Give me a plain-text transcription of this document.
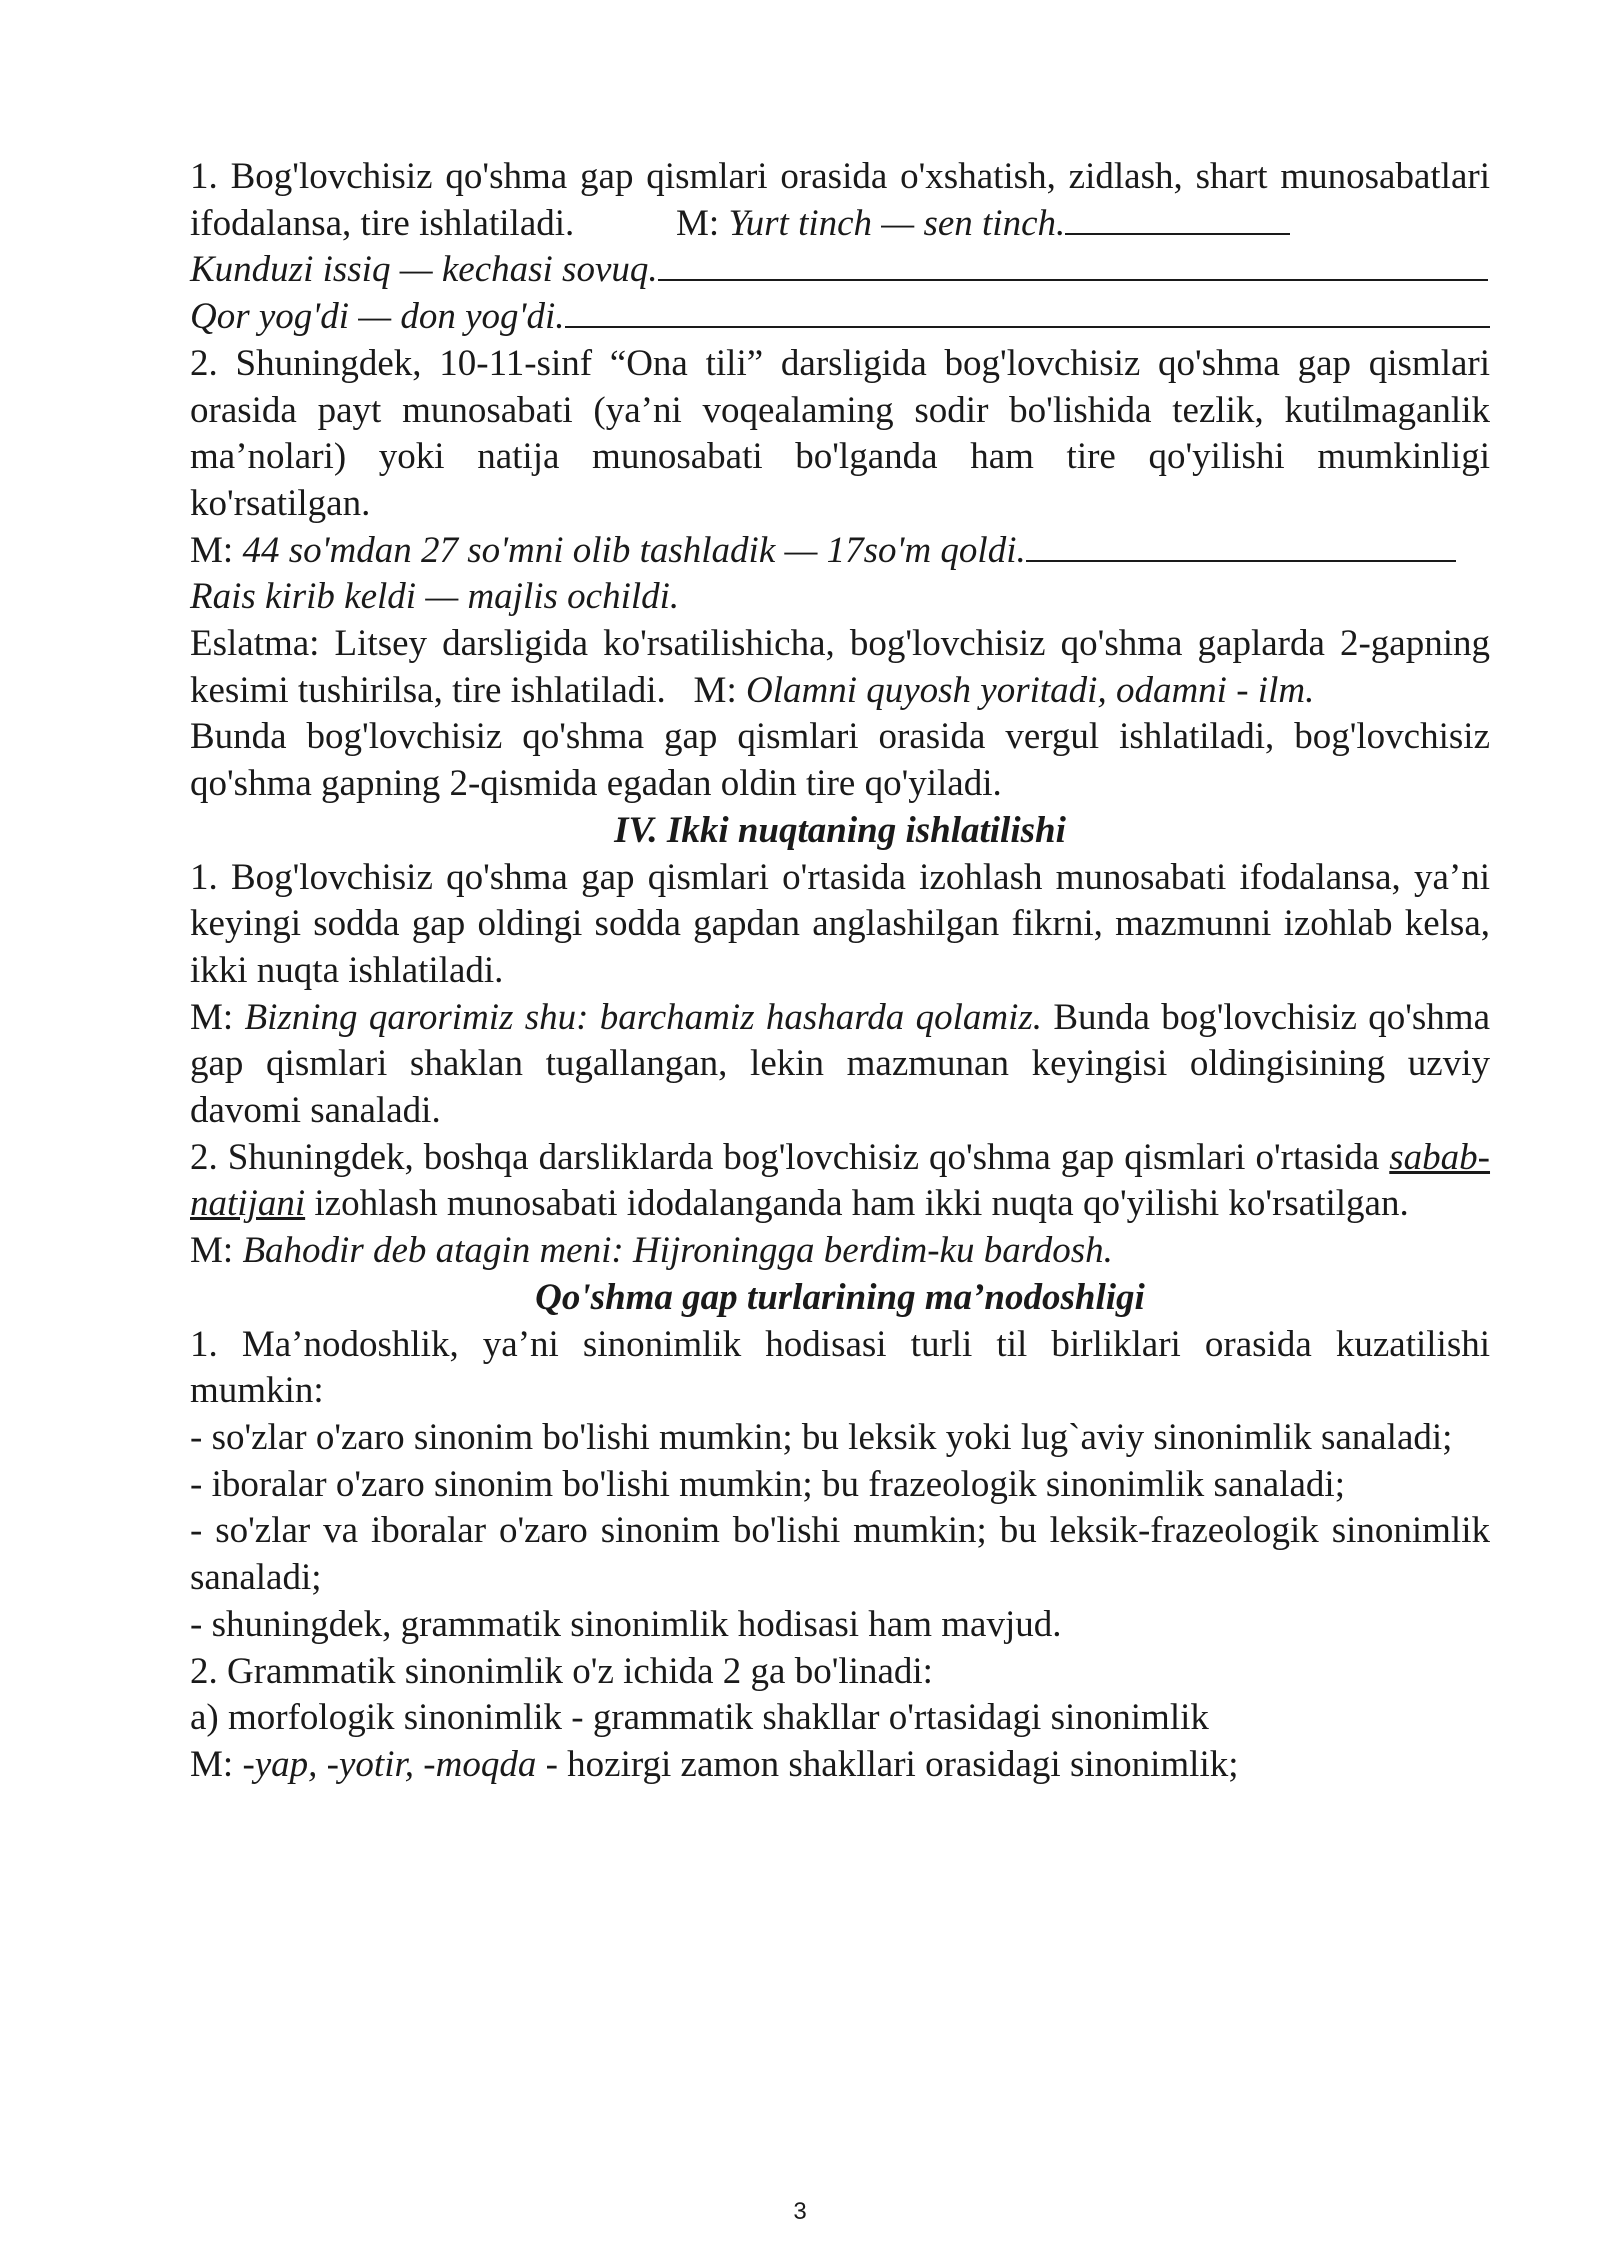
1. Bog'lovchisiz qo'shma gap qismlari orasida o'xshatish, zidlash, shart munosabatlari ifodalansa, tire ishlatiladi.	M: Yurt tinch — sen tinch.

Kunduzi issiq — kechasi sovuq.

Qor yog'di — don yog'di.

2. Shuningdek, 10-11-sinf “Ona tili” darsligida bog'lovchisiz qo'shma gap qismlari orasida payt munosabati (ya’ni voqealaming sodir bo'lishida tezlik, kutilmaganlik ma’nolari) yoki natija munosabati bo'lganda ham tire qo'yilishi mumkinligi ko'rsatilgan.

M: 44 so'mdan 27 so'mni olib tashladik — 17so'm qoldi.

Rais kirib keldi — majlis ochildi.

Eslatma: Litsey darsligida ko'rsatilishicha, bog'lovchisiz qo'shma gaplarda 2-gapning kesimi tushirilsa, tire ishlatiladi. M: Olamni quyosh yoritadi, odamni - ilm.

Bunda bog'lovchisiz qo'shma gap qismlari orasida vergul ishlatiladi, bog'lovchisiz qo'shma gapning 2-qismida egadan oldin tire qo'yiladi.

IV. Ikki nuqtaning ishlatilishi

1. Bog'lovchisiz qo'shma gap qismlari o'rtasida izohlash munosabati ifodalansa, ya’ni keyingi sodda gap oldingi sodda gapdan anglashilgan fikrni, mazmunni izohlab kelsa, ikki nuqta ishlatiladi.

M: Bizning qarorimiz shu: barchamiz hasharda qolamiz. Bunda bog'lovchisiz qo'shma gap qismlari shaklan tugallangan, lekin mazmunan keyingisi oldingisining uzviy davomi sanaladi.

2. Shuningdek, boshqa darsliklarda bog'lovchisiz qo'shma gap qismlari o'rtasida sabab-natijani izohlash munosabati idodalanganda ham ikki nuqta qo'yilishi ko'rsatilgan.

M: Bahodir deb atagin meni: Hijroningga berdim-ku bardosh.

Qo'shma gap turlarining ma’nodoshligi

1. Ma’nodoshlik, ya’ni sinonimlik hodisasi turli til birliklari orasida kuzatilishi mumkin:

- so'zlar o'zaro sinonim bo'lishi mumkin; bu leksik yoki lug`aviy sinonimlik sanaladi;

- iboralar o'zaro sinonim bo'lishi mumkin; bu frazeologik sinonimlik sanaladi;

- so'zlar va iboralar o'zaro sinonim bo'lishi mumkin; bu leksik-frazeologik sinonimlik sanaladi;

- shuningdek, grammatik sinonimlik hodisasi ham mavjud.

2. Grammatik sinonimlik o'z ichida 2 ga bo'linadi:

a) morfologik sinonimlik - grammatik shakllar o'rtasidagi sinonimlik

M: -yap, -yotir, -moqda - hozirgi zamon shakllari orasidagi sinonimlik;

3
